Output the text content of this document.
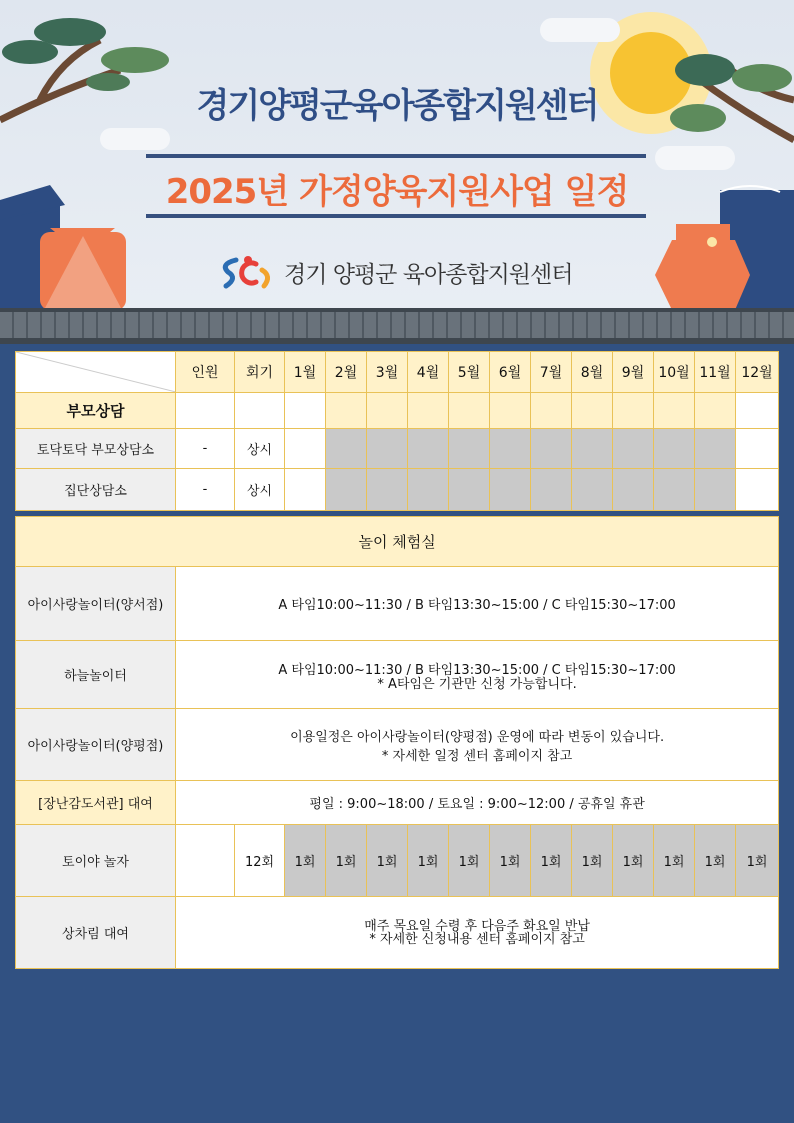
경기양평군육아종합지원센터
2025년 가정양육지원사업 일정
경기 양평군 육아종합지원센터
	인원	회기	1월	2월	3월	4월	5월	6월	7월	8월	9월	10월	11월	12월
부모상담														
토닥토닥 부모상담소	-	상시												
집단상담소	-	상시												
놀이 체험실														
아이사랑놀이터(양서점)	A 타임10:00~11:30 / B 타임13:30~15:00 / C 타임15:30~17:00													

하늘놀이터	A 타임10:00~11:30 / B 타임13:30~15:00 / C 타임15:30~17:00
* A타임은 기관만 신청 가능합니다.													

아이사랑놀이터(양평점)	이용일정은 아이사랑놀이터(양평점) 운영에 따라 변동이 있습니다.
* 자세한 일정 센터 홈페이지 참고													

[장난감도서관] 대여	평일 : 9:00~18:00 / 토요일 : 9:00~12:00 / 공휴일 휴관													
토이야 놀자		12회	1회	1회	1회	1회	1회	1회	1회	1회	1회	1회	1회	1회
상차림 대여	매주 목요일 수령 후 다음주 화요일 반납
* 자세한 신청내용 센터 홈페이지 참고													
